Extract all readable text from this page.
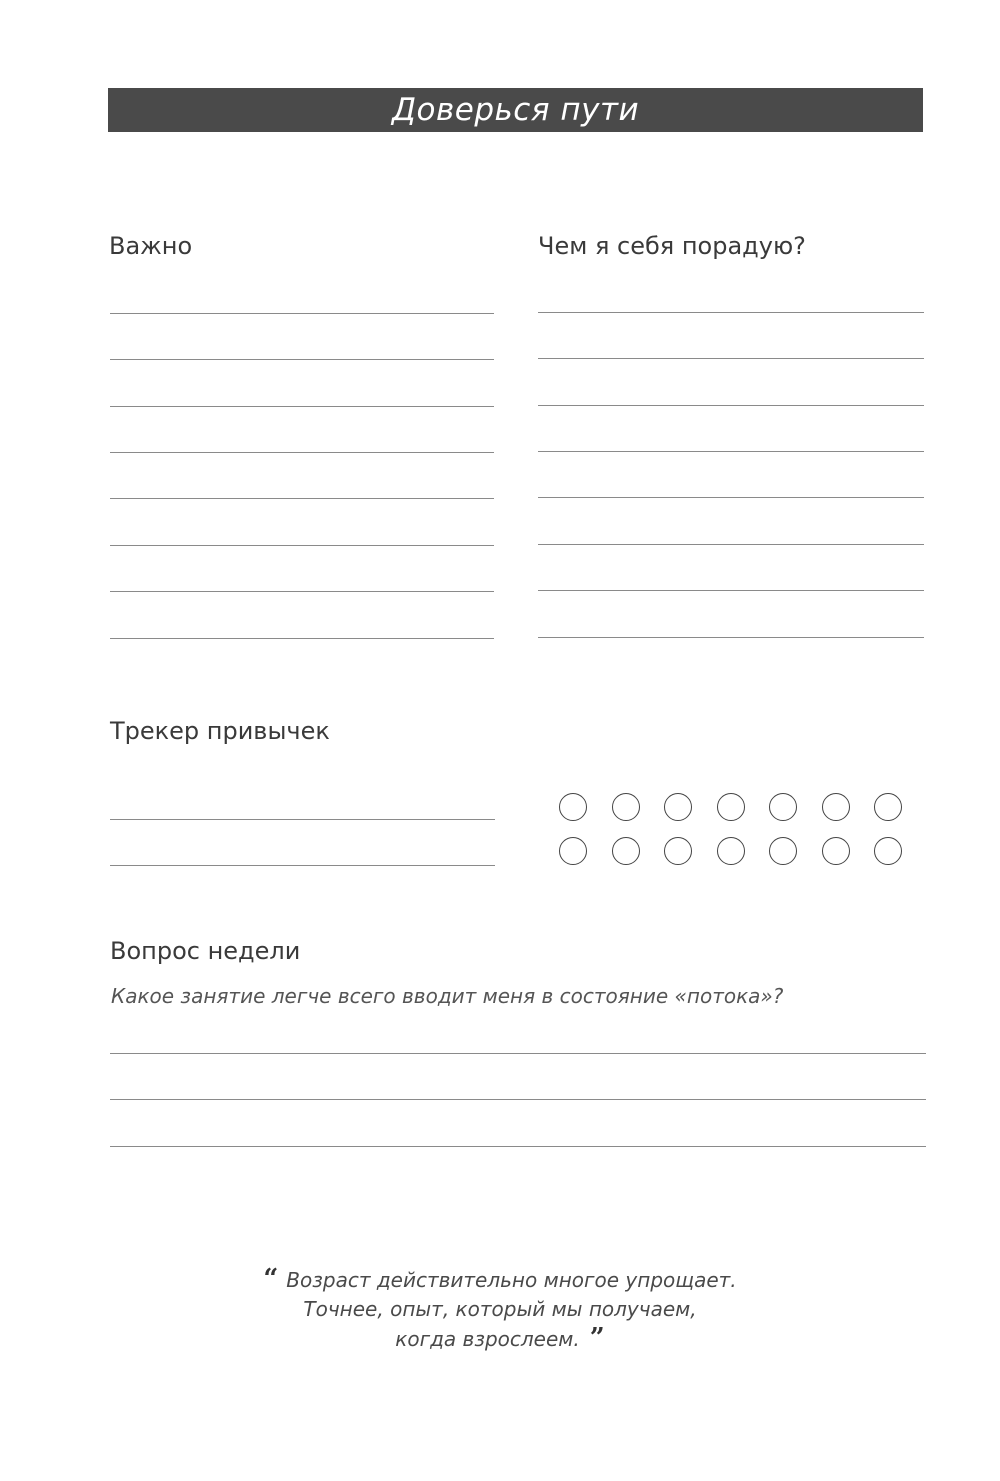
Доверься пути
Важно	Чем я себя порадую?
Трекер привычек
Вопрос недели
Какое занятие легче всего вводит меня в состояние «потока»?
“ Возраст действительно многое упрощает.
Точнее, опыт, который мы получаем,
когда взрослеем. ”
